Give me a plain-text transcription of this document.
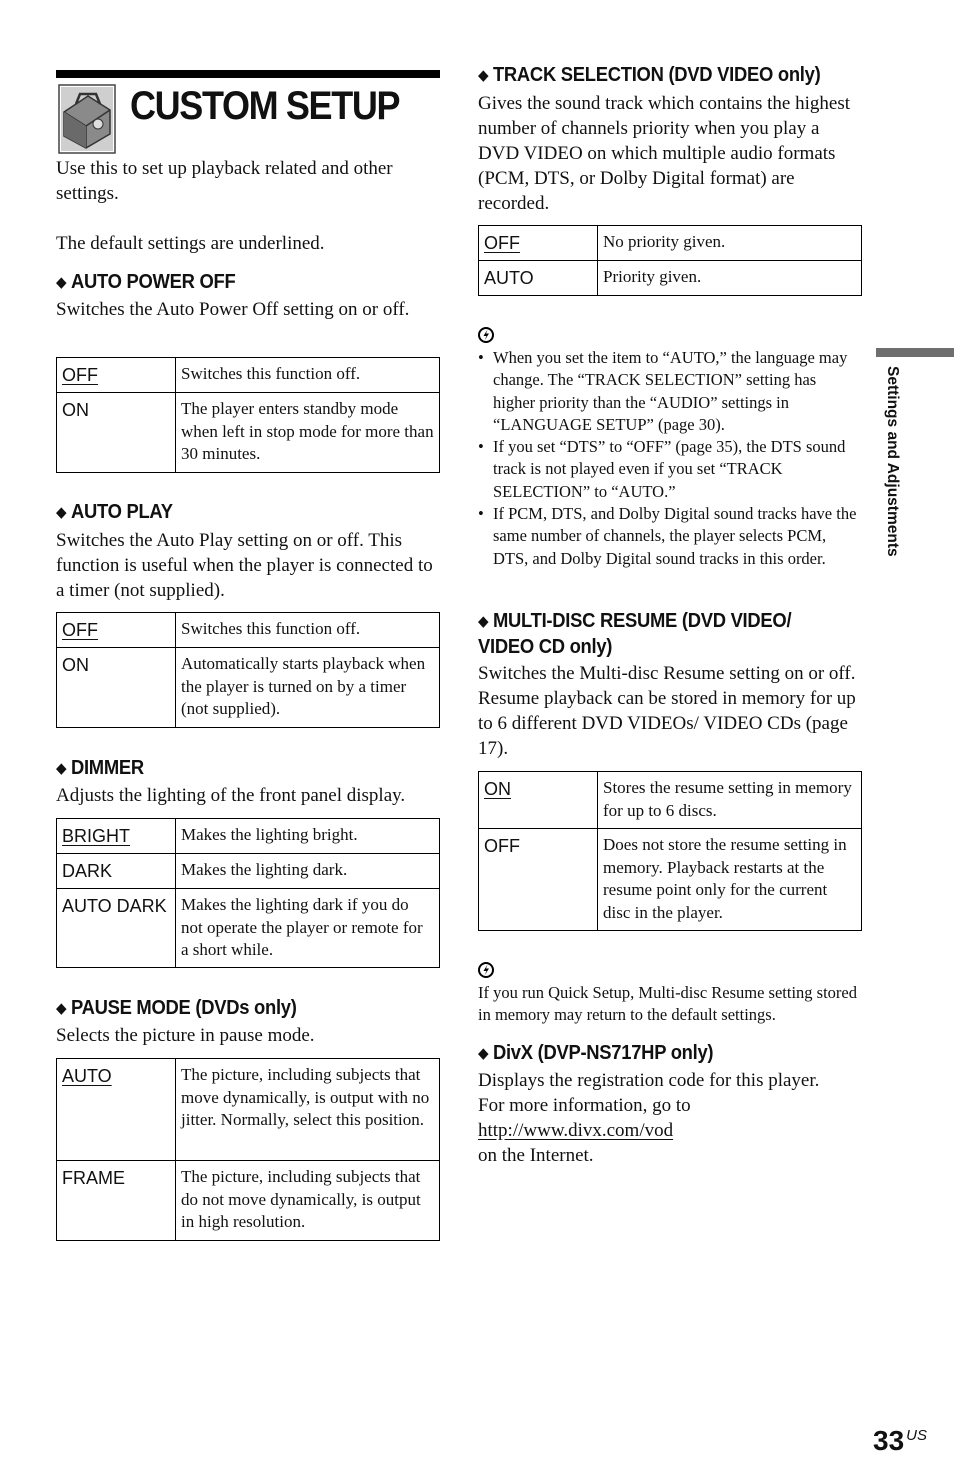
CUSTOM SETUP

Use this to set up playback related and other settings.

The default settings are underlined.

◆ AUTO POWER OFF

Switches the Auto Power Off setting on or off.

OFF	Switches this function off.
ON	The player enters standby mode when left in stop mode for more than 30 minutes.

◆ AUTO PLAY

Switches the Auto Play setting on or off. This function is useful when the player is connected to a timer (not supplied).

OFF	Switches this function off.
ON	Automatically starts playback when the player is turned on by a timer (not supplied).

◆ DIMMER

Adjusts the lighting of the front panel display.

BRIGHT	Makes the lighting bright.
DARK	Makes the lighting dark.
AUTO DARK	Makes the lighting dark if you do not operate the player or remote for a short while.

◆ PAUSE MODE (DVDs only)

Selects the picture in pause mode.

AUTO	The picture, including subjects that move dynamically, is output with no jitter. Normally, select this position.
FRAME	The picture, including subjects that do not move dynamically, is output in high resolution.

◆ TRACK SELECTION (DVD VIDEO only)

Gives the sound track which contains the highest number of channels priority when you play a DVD VIDEO on which multiple audio formats (PCM, DTS, or Dolby Digital format) are recorded.

OFF	No priority given.
AUTO	Priority given.
• When you set the item to “AUTO,” the language may change. The “TRACK SELECTION” setting has higher priority than the “AUDIO” settings in “LANGUAGE SETUP” (page 30).
• If you set “DTS” to “OFF” (page 35), the DTS sound track is not played even if you set “TRACK SELECTION” to “AUTO.”
• If PCM, DTS, and Dolby Digital sound tracks have the same number of channels, the player selects PCM, DTS, and Dolby Digital sound tracks in this order.

◆ MULTI-DISC RESUME (DVD VIDEO/

VIDEO CD only)

Switches the Multi-disc Resume setting on or off. Resume playback can be stored in memory for up to 6 different DVD VIDEOs/ VIDEO CDs (page 17).

ON	Stores the resume setting in memory for up to 6 discs.
OFF	Does not store the resume setting in memory. Playback restarts at the resume point only for the current disc in the player.

If you run Quick Setup, Multi-disc Resume setting stored in memory may return to the default settings.

◆ DivX (DVP-NS717HP only)

Displays the registration code for this player.

For more information, go to

http://www.divx.com/vod

on the Internet.

Settings and Adjustments
33 $^{US}$
